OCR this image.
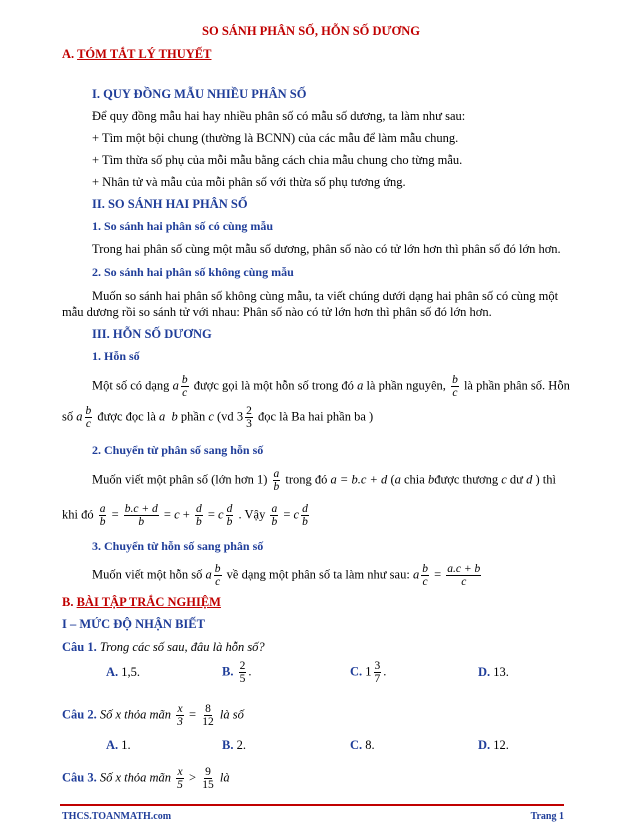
SO SÁNH PHÂN SỐ, HỖN SỐ DƯƠNG
A. TÓM TẮT LÝ THUYẾT
I. QUY ĐỒNG MẪU NHIỀU PHÂN SỐ
Để quy đồng mẫu hai hay nhiều phân số có mẫu số dương, ta làm như sau:
+ Tìm một bội chung (thường là BCNN) của các mẫu để làm mẫu chung.
+ Tìm thừa số phụ của mỗi mẫu bằng cách chia mẫu chung cho từng mẫu.
+ Nhân tử và mẫu của mỗi phân số với thừa số phụ tương ứng.
II. SO SÁNH HAI PHÂN SỐ
1. So sánh hai phân số có cùng mẫu
Trong hai phân số cùng một mẫu số dương, phân số nào có tử lớn hơn thì phân số đó lớn hơn.
2. So sánh hai phân số không cùng mẫu
Muốn so sánh hai phân số không cùng mẫu, ta viết chúng dưới dạng hai phân số có cùng một
mẫu dương rồi so sánh tử với nhau: Phân số nào có tử lớn hơn thì phân số đó lớn hơn.
III. HỖN SỐ DƯƠNG
1. Hỗn số
Một số có dạng a $\frac{b}{c}$ được gọi là một hỗn số trong đó a là phần nguyên, $\frac{b}{c}$ là phần phân số. Hỗn
số a $\frac{b}{c}$ được đọc là a  b phần c (vd $3 \frac{2}{3}$ đọc là Ba hai phần ba )
2. Chuyển từ phân số sang hỗn số
Muốn viết một phân số (lớn hơn $1) \frac{a}{b}$ trong đó a = b.c + d (a chia bđược thương c dư d ) thì
khi đó $\frac{a}{b} = \frac{b.c + d}{b} = c + \frac{d}{b} = c \frac{d}{b}$ . Vậy $\frac{a}{b} = c \frac{d}{b}$
3. Chuyển từ hỗn số sang phân số
Muốn viết một hỗn số a $\frac{b}{c}$ về dạng một phân số ta làm như sau: a $\frac{b}{c} = \frac{a.c + b}{c}$
B. BÀI TẬP TRẮC NGHIỆM
I – MỨC ĐỘ NHẬN BIẾT
Câu 1. Trong các số sau, đâu là hỗn số?
A. 1,5.	B. $\frac{2}{5}$ .	C. $1 \frac{3}{7}$ .	D. 13.
Câu 2. Số x thỏa mãn $\frac{x}{3} = \frac{8}{12}$ là số
A. 1.	B. 2.	C. 8.	D. 12.
Câu 3. Số x thỏa mãn $\frac{x}{5} > \frac{9}{15}$ là
THCS.TOANMATH.com	Trang 1
